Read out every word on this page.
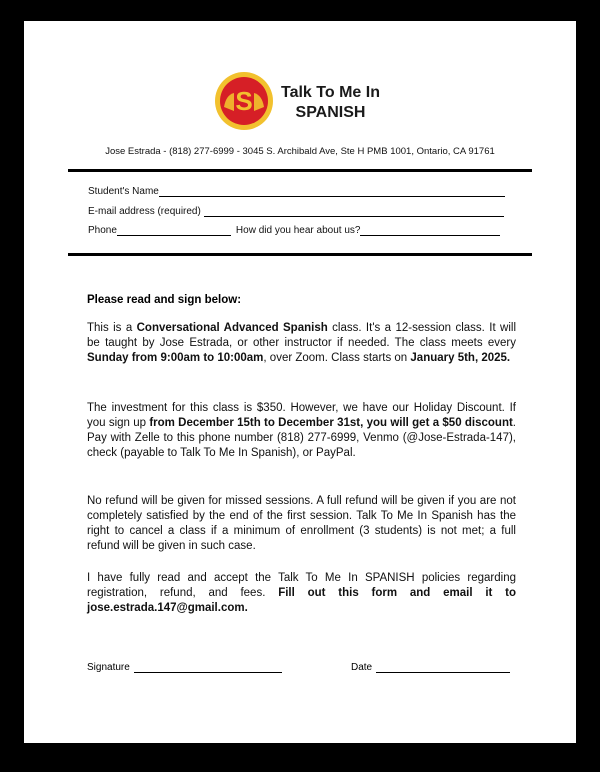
S Talk To Me In
SPANISH
Jose Estrada - (818) 277-6999 - 3045 S. Archibald Ave, Ste H PMB 1001, Ontario, CA 91761
Student's Name
E-mail address (required)
Phone	How did you hear about us?
Please read and sign below:

This is a Conversational Advanced Spanish class. It's a 12-session class. It will be taught by Jose Estrada, or other instructor if needed. The class meets every Sunday from 9:00am to 10:00am, over Zoom. Class starts on January 5th, 2025.

The investment for this class is $350. However, we have our Holiday Discount. If you sign up from December 15th to December 31st, you will get a $50 discount. Pay with Zelle to this phone number (818) 277-6999, Venmo (@Jose-Estrada-147), check (payable to Talk To Me In Spanish), or PayPal.

No refund will be given for missed sessions. A full refund will be given if you are not completely satisfied by the end of the first session. Talk To Me In Spanish has the right to cancel a class if a minimum of enrollment (3 students) is not met; a full refund will be given in such case.

I have fully read and accept the Talk To Me In SPANISH policies regarding registration, refund, and fees. Fill out this form and email it to jose.estrada.147@gmail.com.

Signature	Date
